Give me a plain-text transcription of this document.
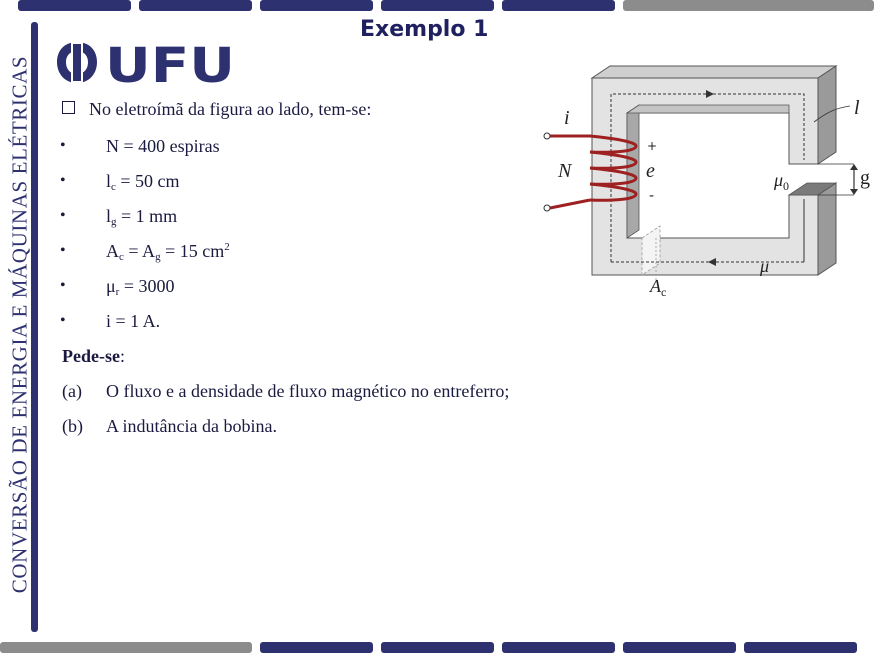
CONVERSÃO DE ENERGIA E MÁQUINAS ELÉTRICAS UFU
Exemplo 1
No eletroímã da figura ao lado, tem-se:
• N = 400 espiras
• $l_c = 50$ cm
• $l_g = 1$ mm
• $A_c = A_g = 15$ $cm^2$
• $\mu_r = 3000$
• i = 1 A.
Pede-se:
(a) O fluxo e a densidade de fluxo magnético no entreferro;
(b) A indutância da bobina.
i
N	e
+
-
l
$\mu_0$	g
μ
$A_c$
